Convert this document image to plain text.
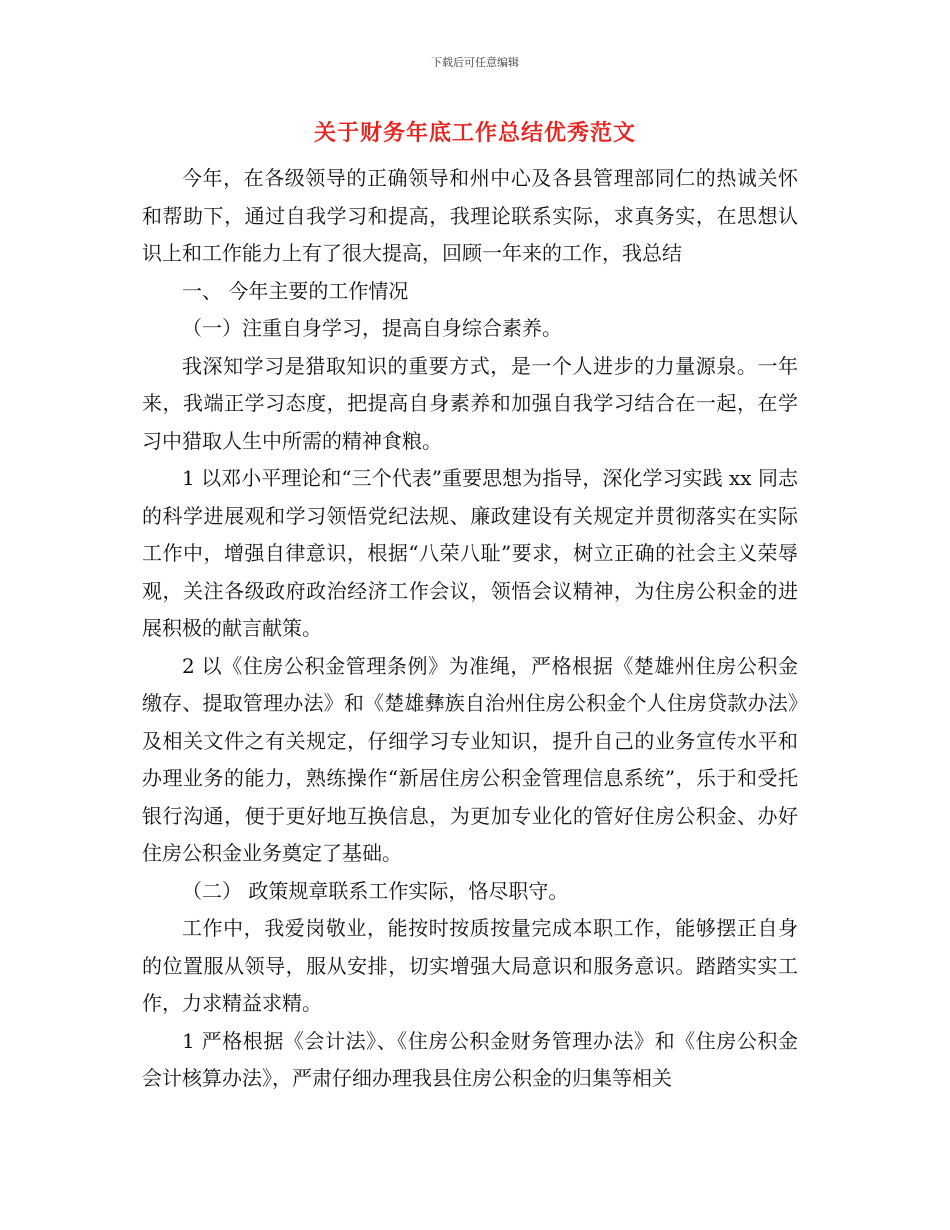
下载后可任意编辑
关于财务年底工作总结优秀范文

今年，在各级领导的正确领导和州中心及各县管理部同仁的热诚关怀和帮助下，通过自我学习和提高，我理论联系实际，求真务实，在思想认识上和工作能力上有了很大提高，回顾一年来的工作，我总结

一、 今年主要的工作情况

（一）注重自身学习，提高自身综合素养。

我深知学习是猎取知识的重要方式，是一个人进步的力量源泉。一年来，我端正学习态度，把提高自身素养和加强自我学习结合在一起，在学习中猎取人生中所需的精神食粮。

1 以邓小平理论和“三个代表”重要思想为指导，深化学习实践 xx 同志的科学进展观和学习领悟党纪法规、廉政建设有关规定并贯彻落实在实际工作中，增强自律意识，根据“八荣八耻”要求，树立正确的社会主义荣辱观，关注各级政府政治经济工作会议，领悟会议精神，为住房公积金的进展积极的献言献策。

2 以《住房公积金管理条例》为准绳，严格根据《楚雄州住房公积金缴存、提取管理办法》和《楚雄彝族自治州住房公积金个人住房贷款办法》及相关文件之有关规定，仔细学习专业知识，提升自己的业务宣传水平和办理业务的能力，熟练操作“新居住房公积金管理信息系统”，乐于和受托银行沟通，便于更好地互换信息，为更加专业化的管好住房公积金、办好住房公积金业务奠定了基础。

（二） 政策规章联系工作实际，恪尽职守。

工作中，我爱岗敬业，能按时按质按量完成本职工作，能够摆正自身的位置服从领导，服从安排，切实增强大局意识和服务意识。踏踏实实工作，力求精益求精。

1 严格根据《会计法》、《住房公积金财务管理办法》和《住房公积金会计核算办法》，严肃仔细办理我县住房公积金的归集等相关
